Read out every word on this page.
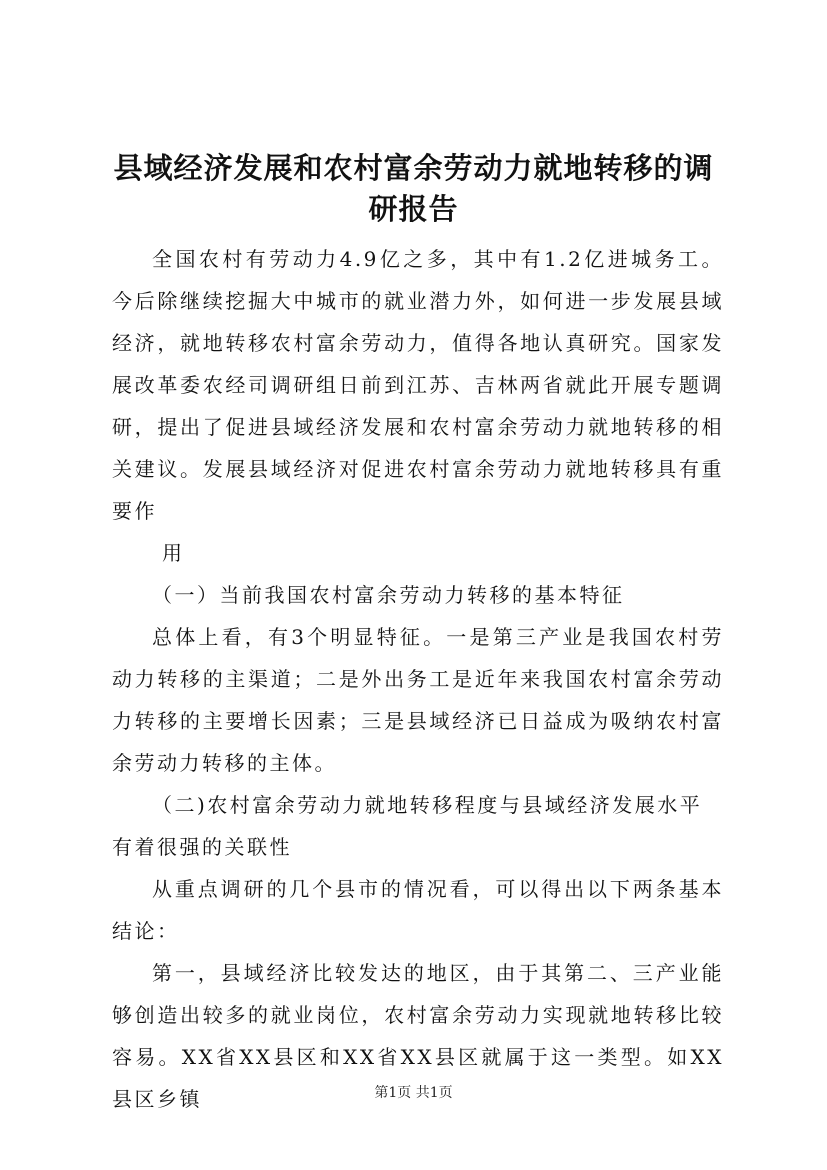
县域经济发展和农村富余劳动力就地转移的调研报告

全国农村有劳动力4.9亿之多，其中有1.2亿进城务工。今后除继续挖掘大中城市的就业潜力外，如何进一步发展县域经济，就地转移农村富余劳动力，值得各地认真研究。国家发展改革委农经司调研组日前到江苏、吉林两省就此开展专题调研，提出了促进县域经济发展和农村富余劳动力就地转移的相关建议。发展县域经济对促进农村富余劳动力就地转移具有重要作

用

（一）当前我国农村富余劳动力转移的基本特征

总体上看，有3个明显特征。一是第三产业是我国农村劳动力转移的主渠道；二是外出务工是近年来我国农村富余劳动力转移的主要增长因素；三是县域经济已日益成为吸纳农村富余劳动力转移的主体。

（二)农村富余劳动力就地转移程度与县域经济发展水平有着很强的关联性

从重点调研的几个县市的情况看，可以得出以下两条基本结论：

第一，县域经济比较发达的地区，由于其第二、三产业能够创造出较多的就业岗位，农村富余劳动力实现就地转移比较容易。XX省XX县区和XX省XX县区就属于这一类型。如XX县区乡镇	第1页 共1页
